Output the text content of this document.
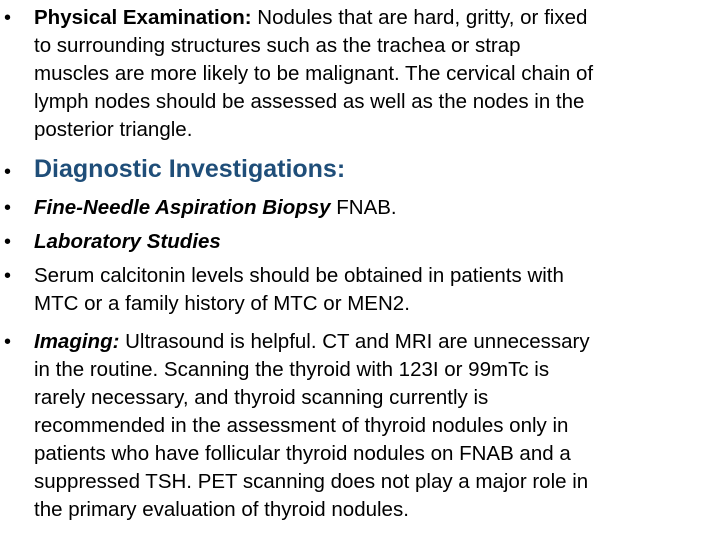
• Physical Examination: Nodules that are hard, gritty, or fixed
to surrounding structures such as the trachea or strap
muscles are more likely to be malignant. The cervical chain of
lymph nodes should be assessed as well as the nodes in the
posterior triangle.
• Diagnostic Investigations:
• Fine-Needle Aspiration Biopsy FNAB.
• Laboratory Studies
• Serum calcitonin levels should be obtained in patients with
MTC or a family history of MTC or MEN2.
• Imaging: Ultrasound is helpful. CT and MRI are unnecessary
in the routine. Scanning the thyroid with 123I or 99mTc is
rarely necessary, and thyroid scanning currently is
recommended in the assessment of thyroid nodules only in
patients who have follicular thyroid nodules on FNAB and a
suppressed TSH. PET scanning does not play a major role in
the primary evaluation of thyroid nodules.
